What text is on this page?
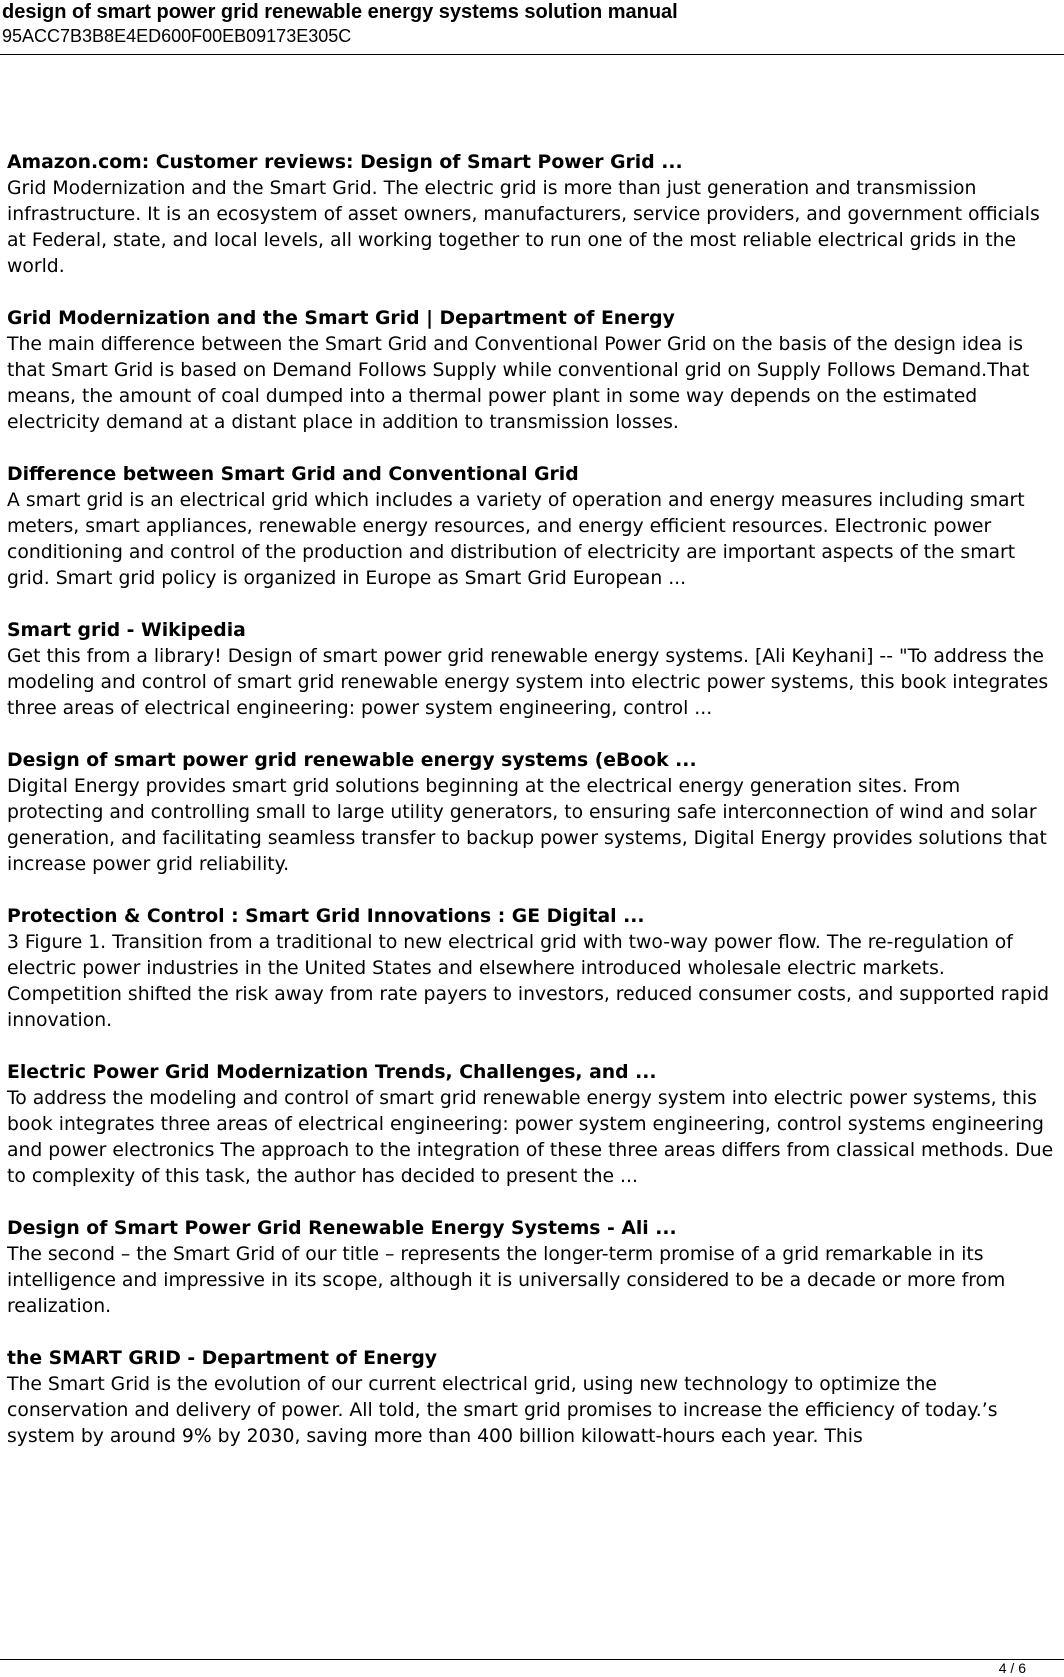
design of smart power grid renewable energy systems solution manual
95ACC7B3B8E4ED600F00EB09173E305C
Amazon.com: Customer reviews: Design of Smart Power Grid ...
Grid Modernization and the Smart Grid. The electric grid is more than just generation and transmission infrastructure. It is an ecosystem of asset owners, manufacturers, service providers, and government officials at Federal, state, and local levels, all working together to run one of the most reliable electrical grids in the world.
Grid Modernization and the Smart Grid | Department of Energy
The main difference between the Smart Grid and Conventional Power Grid on the basis of the design idea is that Smart Grid is based on Demand Follows Supply while conventional grid on Supply Follows Demand.That means, the amount of coal dumped into a thermal power plant in some way depends on the estimated electricity demand at a distant place in addition to transmission losses.
Difference between Smart Grid and Conventional Grid
A smart grid is an electrical grid which includes a variety of operation and energy measures including smart meters, smart appliances, renewable energy resources, and energy efficient resources. Electronic power conditioning and control of the production and distribution of electricity are important aspects of the smart grid. Smart grid policy is organized in Europe as Smart Grid European ...
Smart grid - Wikipedia
Get this from a library! Design of smart power grid renewable energy systems. [Ali Keyhani] -- "To address the modeling and control of smart grid renewable energy system into electric power systems, this book integrates three areas of electrical engineering: power system engineering, control ...
Design of smart power grid renewable energy systems (eBook ...
Digital Energy provides smart grid solutions beginning at the electrical energy generation sites. From protecting and controlling small to large utility generators, to ensuring safe interconnection of wind and solar generation, and facilitating seamless transfer to backup power systems, Digital Energy provides solutions that increase power grid reliability.
Protection & Control : Smart Grid Innovations : GE Digital ...
3 Figure 1. Transition from a traditional to new electrical grid with two-way power flow. The re-regulation of electric power industries in the United States and elsewhere introduced wholesale electric markets. Competition shifted the risk away from rate payers to investors, reduced consumer costs, and supported rapid innovation.
Electric Power Grid Modernization Trends, Challenges, and ...
To address the modeling and control of smart grid renewable energy system into electric power systems, this book integrates three areas of electrical engineering: power system engineering, control systems engineering and power electronics The approach to the integration of these three areas differs from classical methods. Due to complexity of this task, the author has decided to present the ...
Design of Smart Power Grid Renewable Energy Systems - Ali ...
The second – the Smart Grid of our title – represents the longer-term promise of a grid remarkable in its intelligence and impressive in its scope, although it is universally considered to be a decade or more from realization.
the SMART GRID - Department of Energy
The Smart Grid is the evolution of our current electrical grid, using new technology to optimize the conservation and delivery of power. All told, the smart grid promises to increase the efficiency of today.’s system by around 9% by 2030, saving more than 400 billion kilowatt-hours each year. This
4 / 6
